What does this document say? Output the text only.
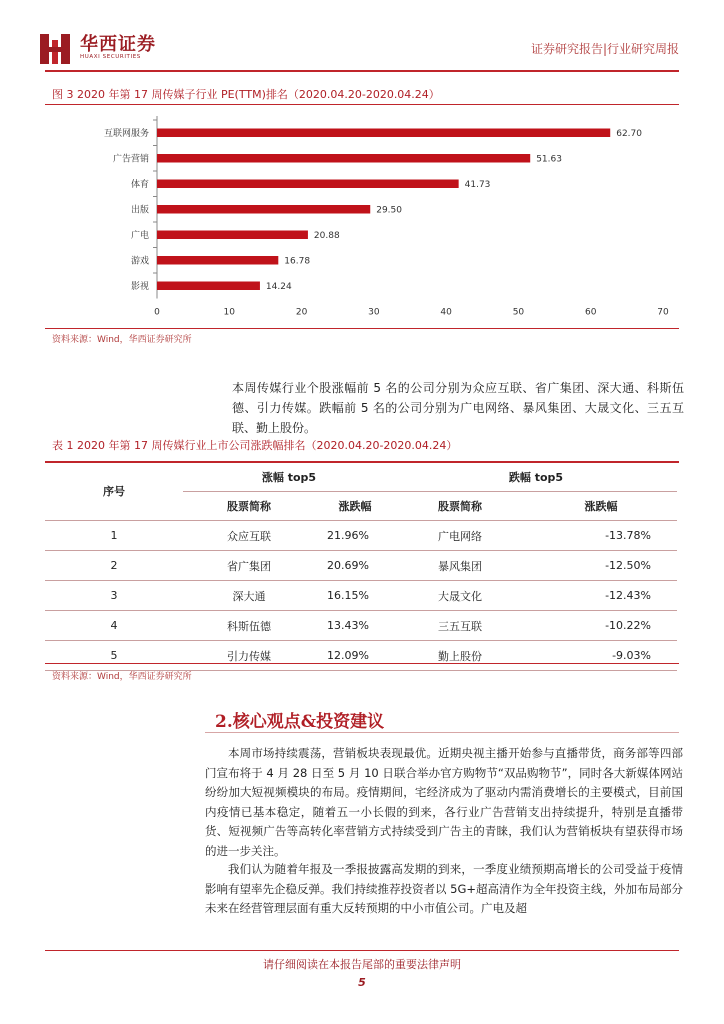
华西证券
HUAXI SECURITIES
证券研究报告|行业研究周报
图 3 2020 年第 17 周传媒子行业 PE(TTM)排名（2020.04.20-2020.04.24）
互联网服务	62.70
广告营销	51.63
体育	41.73
出版	29.50
广电	20.88
游戏	16.78
影视	14.24
0	10	20	30	40	50	60	70
资料来源：Wind，华西证券研究所
本周传媒行业个股涨幅前 5 名的公司分别为众应互联、省广集团、深大通、科斯伍德、引力传媒。跌幅前 5 名的公司分别为广电网络、暴风集团、大晟文化、三五互联、勤上股份。
表 1 2020 年第 17 周传媒行业上市公司涨跌幅排名（2020.04.20-2020.04.24）
序号	涨幅 top5		跌幅 top5	
	股票简称	涨跌幅	股票简称	涨跌幅
1	众应互联	21.96%	广电网络	-13.78%
2	省广集团	20.69%	暴风集团	-12.50%
3	深大通	16.15%	大晟文化	-12.43%
4	科斯伍德	13.43%	三五互联	-10.22%
5	引力传媒	12.09%	勤上股份	-9.03%
资料来源：Wind，华西证券研究所
2.核心观点&投资建议
本周市场持续震荡，营销板块表现最优。近期央视主播开始参与直播带货，商务部等四部门宣布将于 4 月 28 日至 5 月 10 日联合举办官方购物节“双品购物节”，同时各大新媒体网站纷纷加大短视频模块的布局。疫情期间，宅经济成为了驱动内需消费增长的主要模式，目前国内疫情已基本稳定，随着五一小长假的到来，各行业广告营销支出持续提升，特别是直播带货、短视频广告等高转化率营销方式持续受到广告主的青睐，我们认为营销板块有望获得市场的进一步关注。
我们认为随着年报及一季报披露高发期的到来，一季度业绩预期高增长的公司受益于疫情影响有望率先企稳反弹。我们持续推荐投资者以 5G+超高清作为全年投资主线，外加布局部分未来在经营管理层面有重大反转预期的中小市值公司。广电及超
请仔细阅读在本报告尾部的重要法律声明
5
